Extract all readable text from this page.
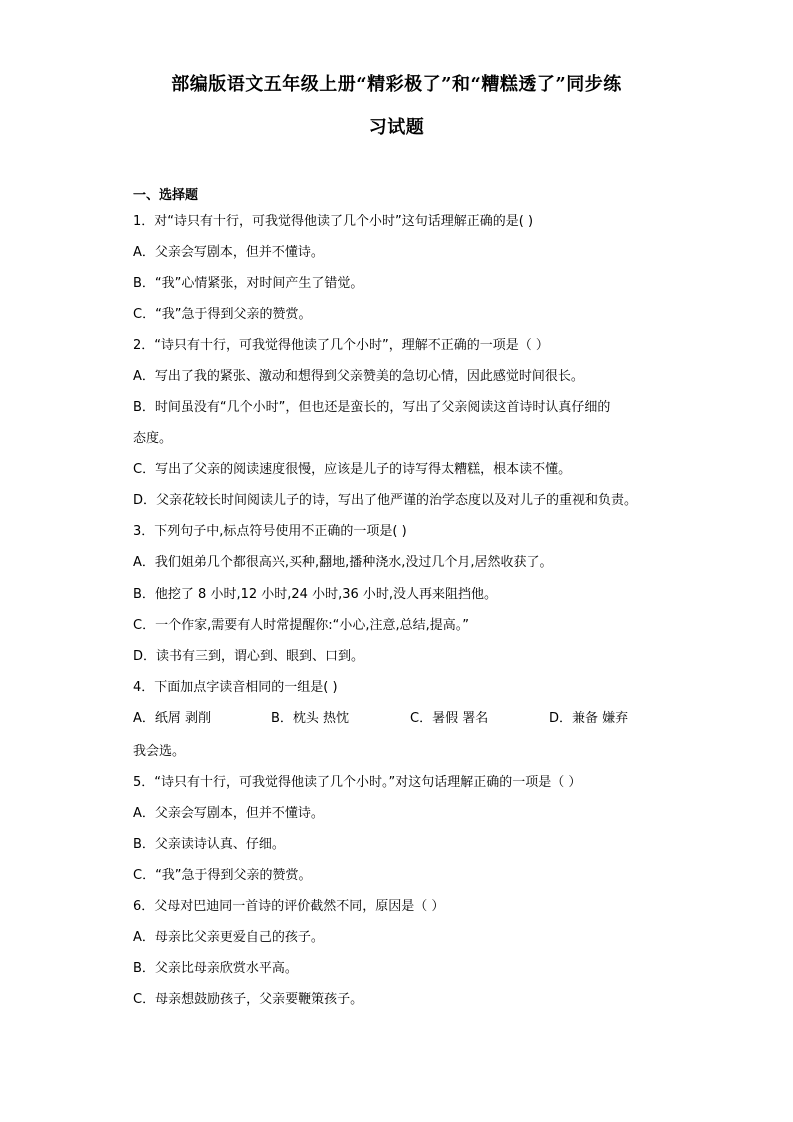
部编版语文五年级上册“精彩极了”和“糟糕透了”同步练
习试题
一、选择题
1．对“诗只有十行，可我觉得他读了几个小时”这句话理解正确的是( )
A．父亲会写剧本，但并不懂诗。
B．“我”心情紧张，对时间产生了错觉。
C．“我”急于得到父亲的赞赏。
2．“诗只有十行，可我觉得他读了几个小时”，理解不正确的一项是（ ）
A．写出了我的紧张、激动和想得到父亲赞美的急切心情，因此感觉时间很长。
B．时间虽没有“几个小时”，但也还是蛮长的，写出了父亲阅读这首诗时认真仔细的
态度。
C．写出了父亲的阅读速度很慢，应该是儿子的诗写得太糟糕，根本读不懂。
D．父亲花较长时间阅读儿子的诗，写出了他严谨的治学态度以及对儿子的重视和负责。
3．下列句子中,标点符号使用不正确的一项是( )
A．我们姐弟几个都很高兴,买种,翻地,播种浇水,没过几个月,居然收获了。
B．他挖了 8 小时,12 小时,24 小时,36 小时,没人再来阻挡他。
C．一个作家,需要有人时常提醒你:“小心,注意,总结,提高。”
D．读书有三到，谓心到、眼到、口到。
4．下面加点字读音相同的一组是( )
A．纸屑 剥削	B．枕头 热忱	C．暑假 署名	D．兼备 嫌弃
我会选。
5．“诗只有十行，可我觉得他读了几个小时。”对这句话理解正确的一项是（ ）
A．父亲会写剧本，但并不懂诗。
B．父亲读诗认真、仔细。
C．“我”急于得到父亲的赞赏。
6．父母对巴迪同一首诗的评价截然不同，原因是（ ）
A．母亲比父亲更爱自己的孩子。
B．父亲比母亲欣赏水平高。
C．母亲想鼓励孩子，父亲要鞭策孩子。
